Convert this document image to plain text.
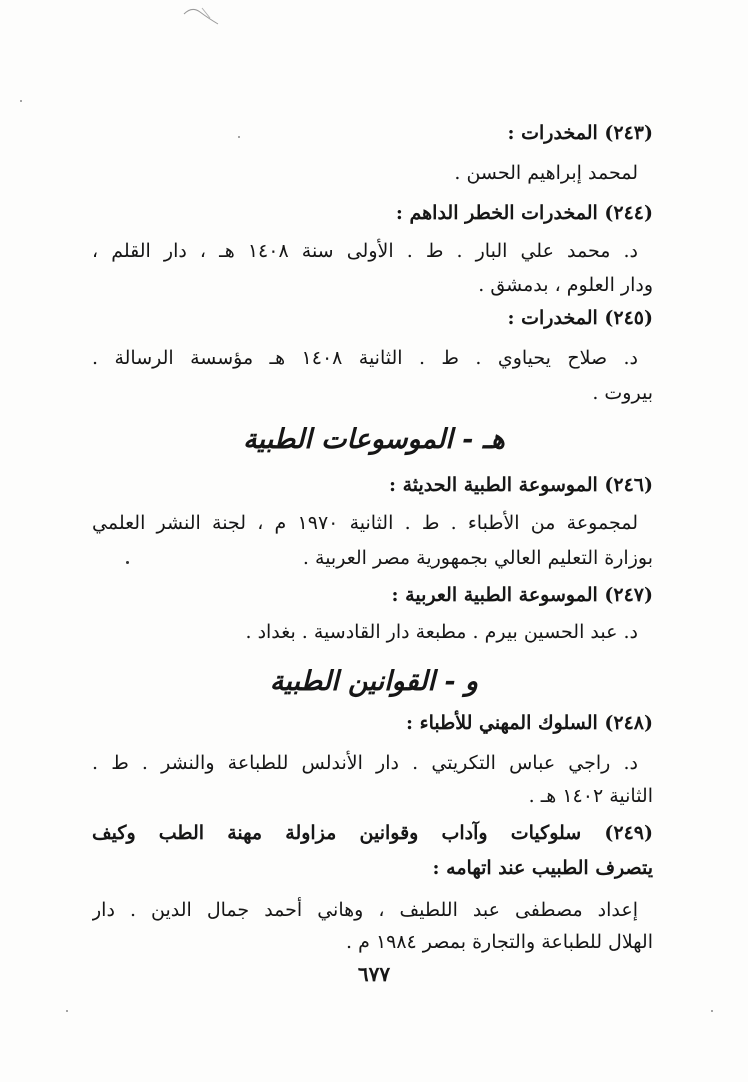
(٢٤٣) المخدرات :
لمحمد إبراهيم الحسن .
(٢٤٤) المخدرات الخطر الداهم :
د. محمد علي البار . ط . الأولى سنة ١٤٠٨ هـ ، دار القلم ،
ودار العلوم ، بدمشق .
(٢٤٥) المخدرات :
د. صلاح يحياوي . ط . الثانية ١٤٠٨ هـ مؤسسة الرسالة .
بيروت .
هـ - الموسوعات الطبية
(٢٤٦) الموسوعة الطبية الحديثة :
لمجموعة من الأطباء . ط . الثانية ١٩٧٠ م ، لجنة النشر العلمي
بوزارة التعليم العالي بجمهورية مصر العربية .
(٢٤٧) الموسوعة الطبية العربية :
د. عبد الحسين بيرم . مطبعة دار القادسية . بغداد .
و - القوانين الطبية
(٢٤٨) السلوك المهني للأطباء :
د. راجي عباس التكريتي . دار الأندلس للطباعة والنشر . ط .
الثانية ١٤٠٢ هـ .
(٢٤٩) سلوكيات وآداب وقوانين مزاولة مهنة الطب وكيف
يتصرف الطبيب عند اتهامه :
إعداد مصطفى عبد اللطيف ، وهاني أحمد جمال الدين . دار
الهلال للطباعة والتجارة بمصر ١٩٨٤ م .
٦٧٧
